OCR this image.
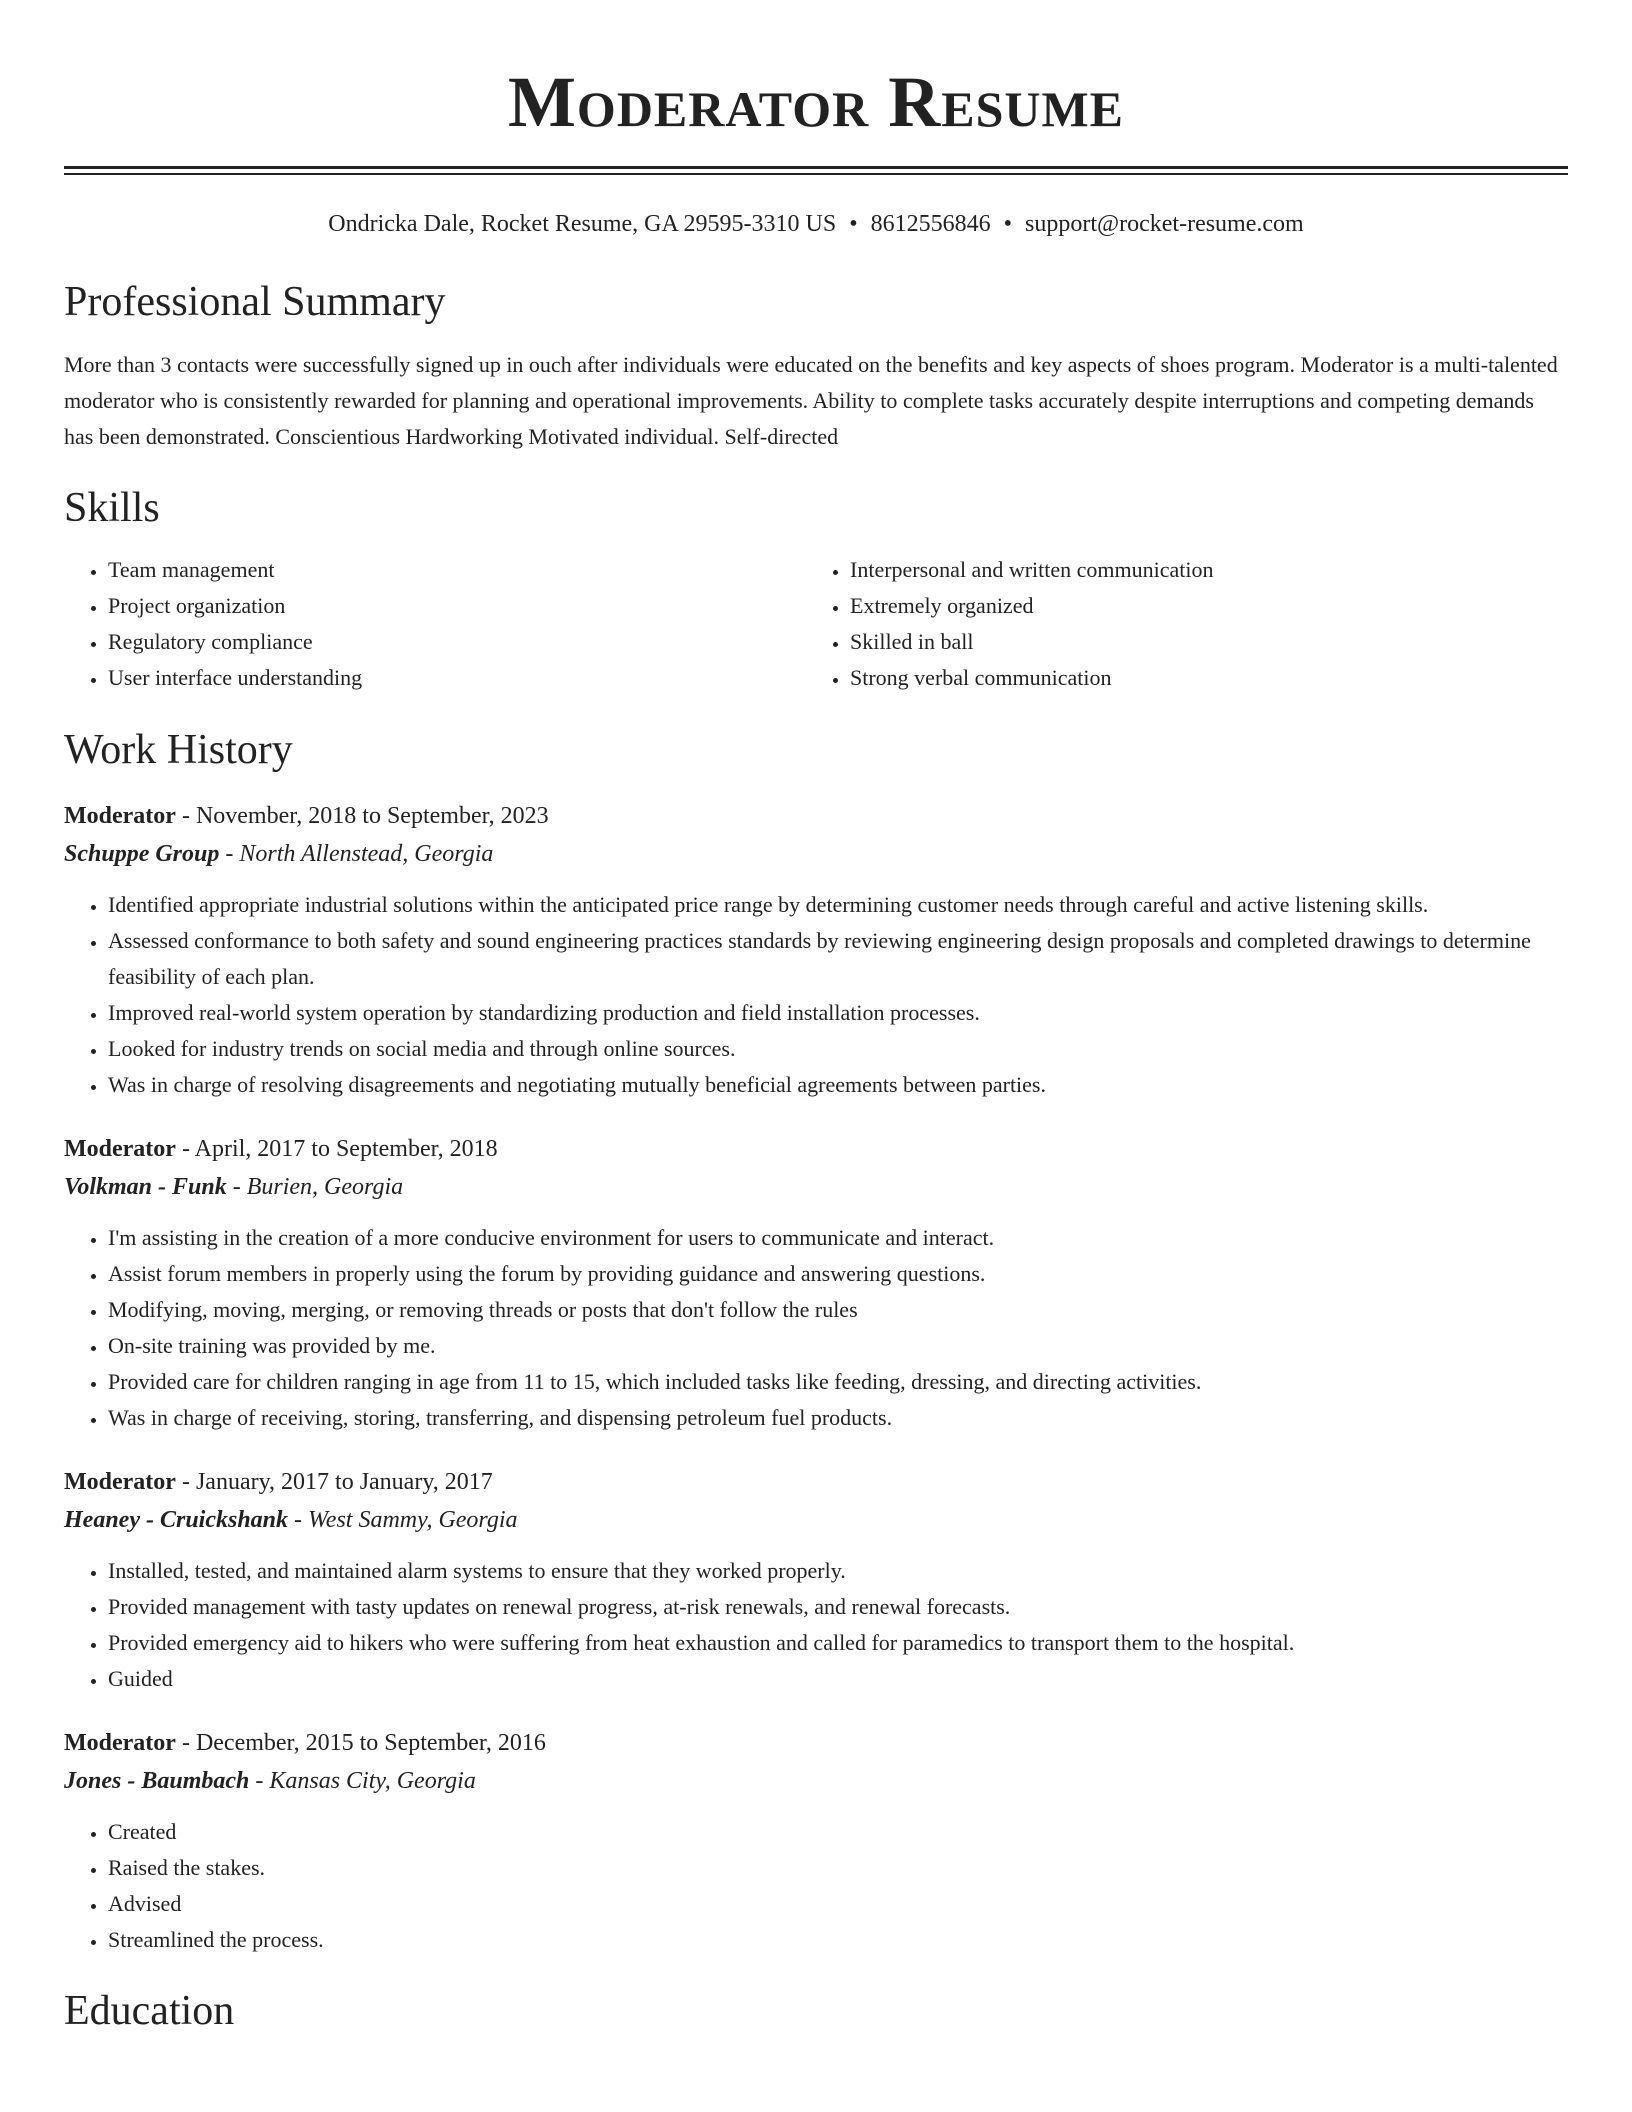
Moderator Resume
Ondricka Dale, Rocket Resume, GA 29595-3310 US • 8612556846 • support@rocket-resume.com
Professional Summary
More than 3 contacts were successfully signed up in ouch after individuals were educated on the benefits and key aspects of shoes program. Moderator is a multi-talented moderator who is consistently rewarded for planning and operational improvements. Ability to complete tasks accurately despite interruptions and competing demands has been demonstrated. Conscientious Hardworking Motivated individual. Self-directed
Skills
• Team management
• Project organization
• Regulatory compliance
• User interface understanding
• Interpersonal and written communication
• Extremely organized
• Skilled in ball
• Strong verbal communication
Work History
Moderator - November, 2018 to September, 2023
Schuppe Group - North Allenstead, Georgia
• Identified appropriate industrial solutions within the anticipated price range by determining customer needs through careful and active listening skills.
• Assessed conformance to both safety and sound engineering practices standards by reviewing engineering design proposals and completed drawings to determine feasibility of each plan.
• Improved real-world system operation by standardizing production and field installation processes.
• Looked for industry trends on social media and through online sources.
• Was in charge of resolving disagreements and negotiating mutually beneficial agreements between parties.
Moderator - April, 2017 to September, 2018
Volkman - Funk - Burien, Georgia
• I'm assisting in the creation of a more conducive environment for users to communicate and interact.
• Assist forum members in properly using the forum by providing guidance and answering questions.
• Modifying, moving, merging, or removing threads or posts that don't follow the rules
• On-site training was provided by me.
• Provided care for children ranging in age from 11 to 15, which included tasks like feeding, dressing, and directing activities.
• Was in charge of receiving, storing, transferring, and dispensing petroleum fuel products.
Moderator - January, 2017 to January, 2017
Heaney - Cruickshank - West Sammy, Georgia
• Installed, tested, and maintained alarm systems to ensure that they worked properly.
• Provided management with tasty updates on renewal progress, at-risk renewals, and renewal forecasts.
• Provided emergency aid to hikers who were suffering from heat exhaustion and called for paramedics to transport them to the hospital.
• Guided
Moderator - December, 2015 to September, 2016
Jones - Baumbach - Kansas City, Georgia
• Created
• Raised the stakes.
• Advised
• Streamlined the process.
Education
